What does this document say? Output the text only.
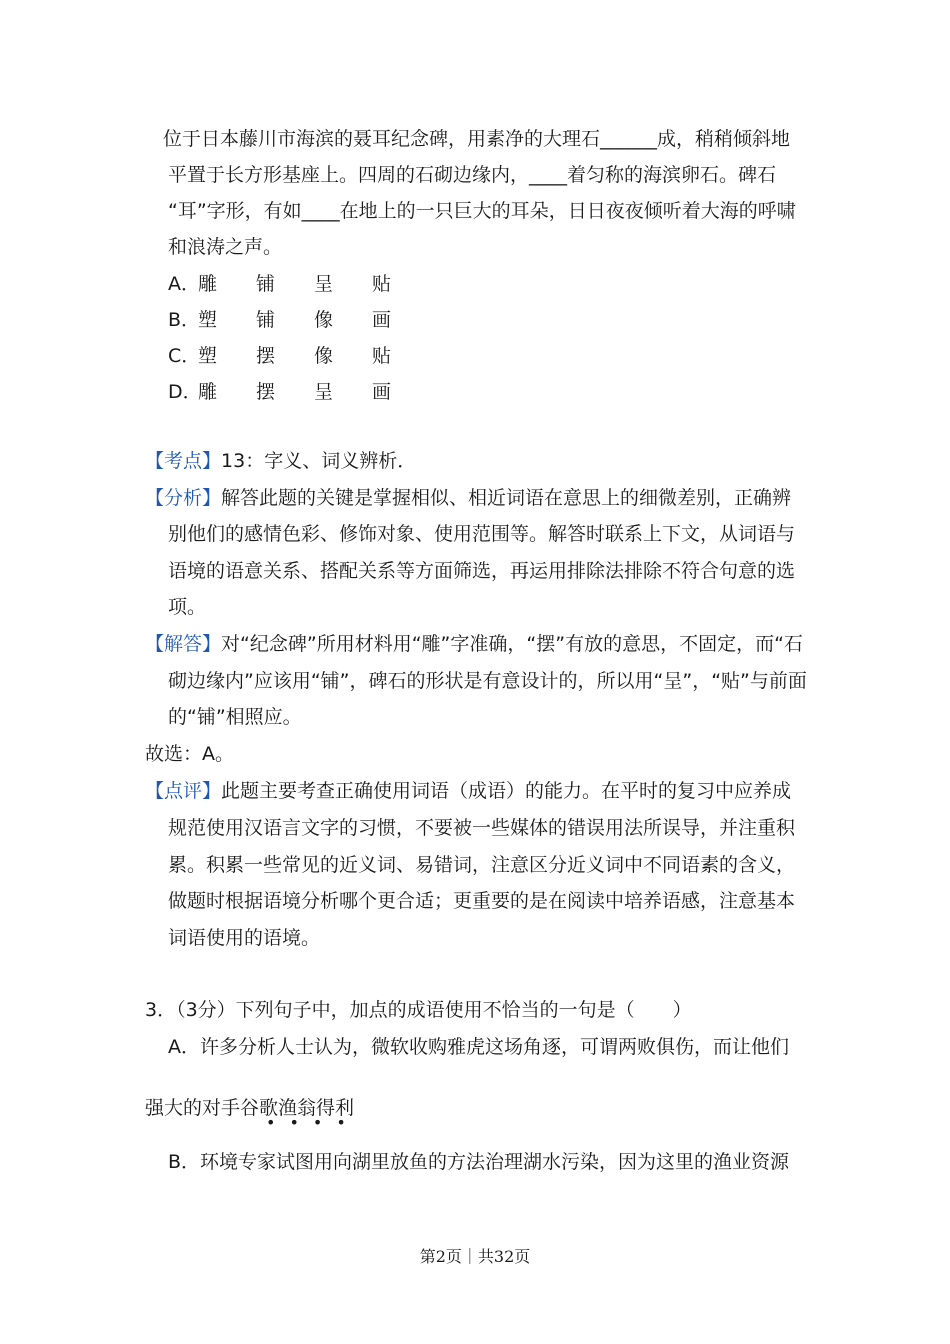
位于日本藤川市海滨的聂耳纪念碑，用素净的大理石______成，稍稍倾斜地
平置于长方形基座上。四周的石砌边缘内，____着匀称的海滨卵石。碑石
“耳”字形，有如____在地上的一只巨大的耳朵，日日夜夜倾听着大海的呼啸
和浪涛之声。
A．雕 铺 呈 贴
B．塑 铺 像 画
C．塑 摆 像 贴
D．雕 摆 呈 画
【考点】13：字义、词义辨析．
【分析】解答此题的关键是掌握相似、相近词语在意思上的细微差别，正确辨
别他们的感情色彩、修饰对象、使用范围等。解答时联系上下文，从词语与
语境的语意关系、搭配关系等方面筛选，再运用排除法排除不符合句意的选
项。
【解答】对“纪念碑”所用材料用“雕”字准确，“摆”有放的意思，不固定，而“石
砌边缘内”应该用“铺”，碑石的形状是有意设计的，所以用“呈”，“贴”与前面
的“铺”相照应。
故选：A。
【点评】此题主要考查正确使用词语（成语）的能力。在平时的复习中应养成
规范使用汉语言文字的习惯，不要被一些媒体的错误用法所误导，并注重积
累。积累一些常见的近义词、易错词，注意区分近义词中不同语素的含义，
做题时根据语境分析哪个更合适；更重要的是在阅读中培养语感，注意基本
词语使用的语境。
3．（3分）下列句子中，加点的成语使用不恰当的一句是（　　）
A．许多分析人士认为，微软收购雅虎这场角逐，可谓两败俱伤，而让他们
强大的对手谷歌渔翁得利
••••
B．环境专家试图用向湖里放鱼的方法治理湖水污染，因为这里的渔业资源
第2页｜共32页
